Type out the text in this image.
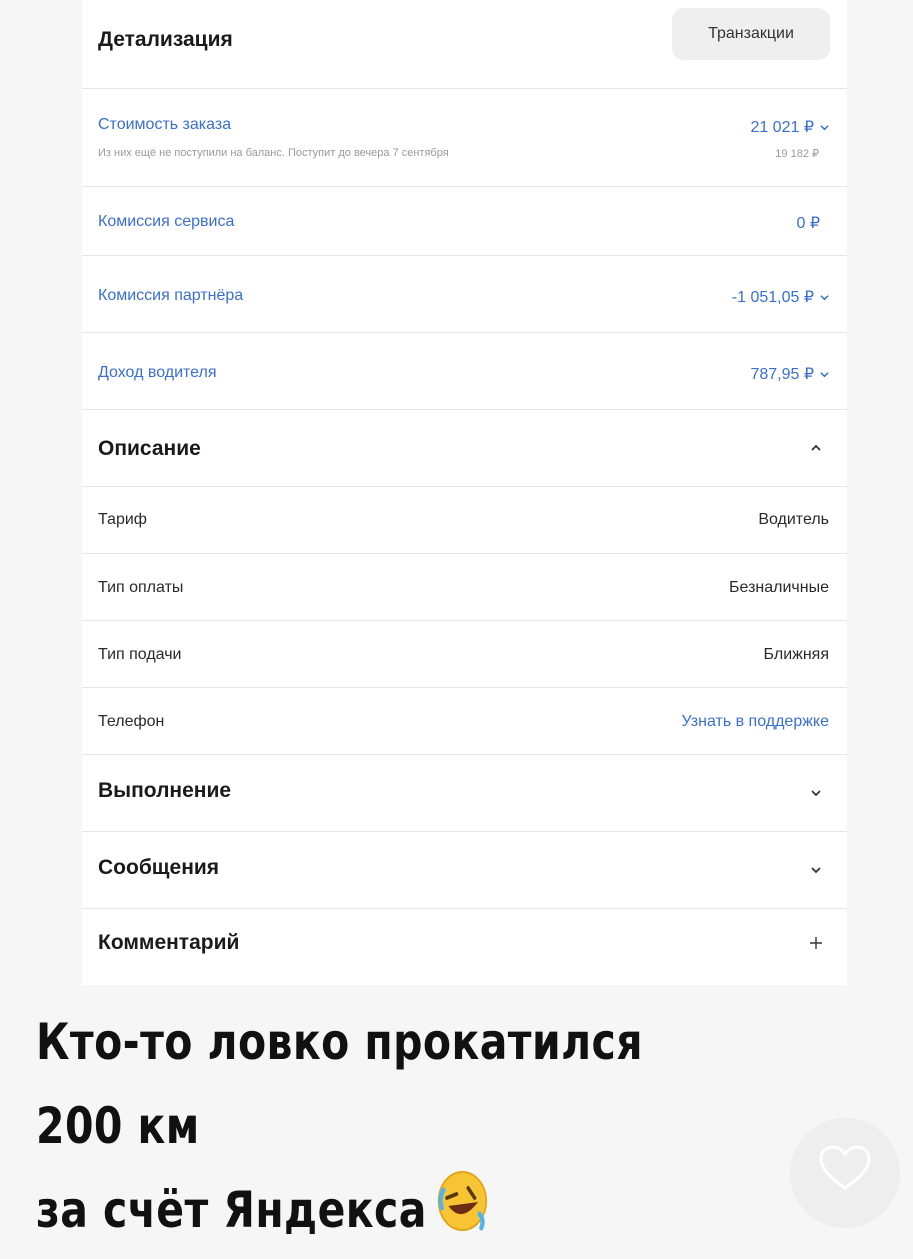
Детализация	Транзакции
Стоимость заказа	21 021 ₽
Из них ещё не поступили на баланс. Поступит до вечера 7 сентября	19 182 ₽
Комиссия сервиса	0 ₽
Комиссия партнёра	-1 051,05 ₽
Доход водителя	787,95 ₽
Описание
Тариф	Водитель
Тип оплаты	Безналичные
Тип подачи	Ближняя
Телефон	Узнать в поддержке
Выполнение
Сообщения
Комментарий
Кто-то ловко прокатился 200 км
за счёт Яндекса
